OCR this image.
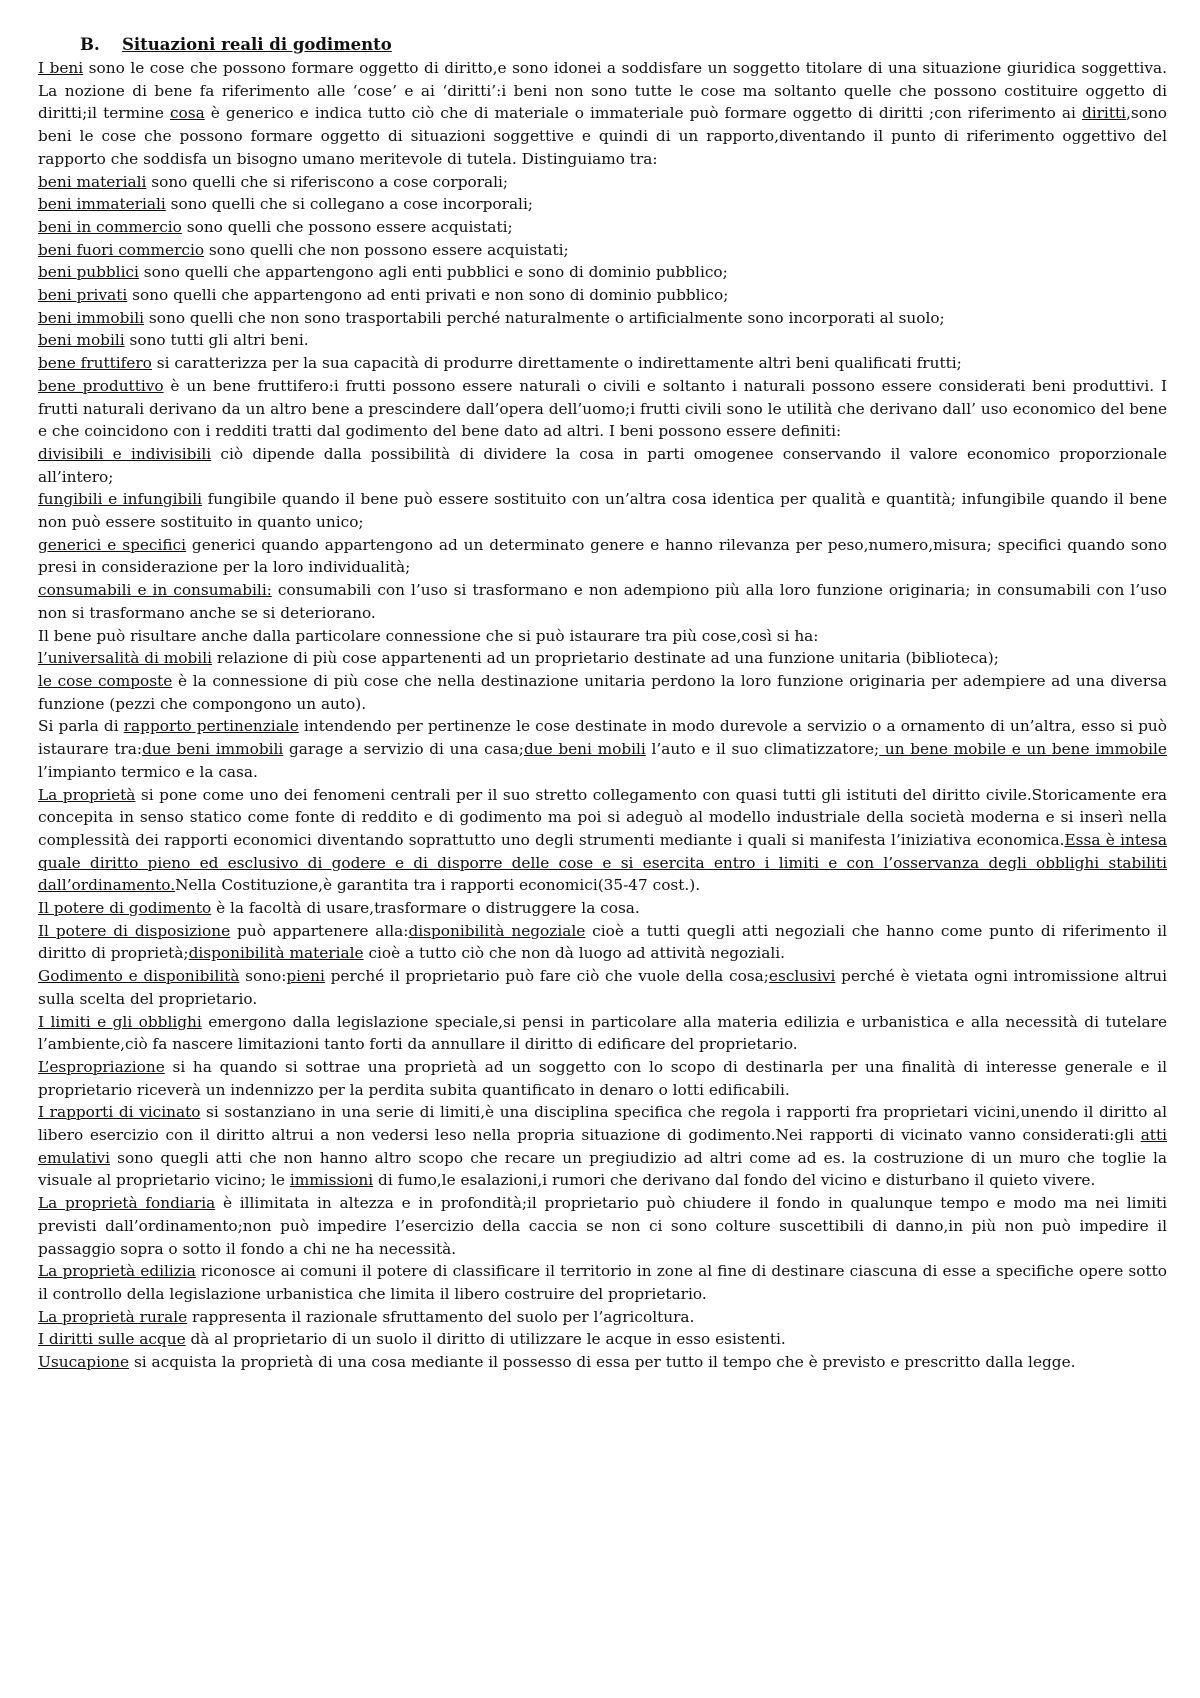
B. Situazioni reali di godimento

I beni sono le cose che possono formare oggetto di diritto,e sono idonei a soddisfare un soggetto titolare di una situazione giuridica soggettiva. La nozione di bene fa riferimento alle ‘cose’ e ai ‘diritti’:i beni non sono tutte le cose ma soltanto quelle che possono costituire oggetto di diritti;il termine cosa è generico e indica tutto ciò che di materiale o immateriale può formare oggetto di diritti ;con riferimento ai diritti,sono beni le cose che possono formare oggetto di situazioni soggettive e quindi di un rapporto,diventando il punto di riferimento oggettivo del rapporto che soddisfa un bisogno umano meritevole di tutela. Distinguiamo tra:

beni materiali sono quelli che si riferiscono a cose corporali;

beni immateriali sono quelli che si collegano a cose incorporali;

beni in commercio sono quelli che possono essere acquistati;

beni fuori commercio sono quelli che non possono essere acquistati;

beni pubblici sono quelli che appartengono agli enti pubblici e sono di dominio pubblico;

beni privati sono quelli che appartengono ad enti privati e non sono di dominio pubblico;

beni immobili sono quelli che non sono trasportabili perché naturalmente o artificialmente sono incorporati al suolo;

beni mobili sono tutti gli altri beni.

bene fruttifero si caratterizza per la sua capacità di produrre direttamente o indirettamente altri beni qualificati frutti;

bene produttivo è un bene fruttifero:i frutti possono essere naturali o civili e soltanto i naturali possono essere considerati beni produttivi. I frutti naturali derivano da un altro bene a prescindere dall’opera dell’uomo;i frutti civili sono le utilità che derivano dall’ uso economico del bene e che coincidono con i redditi tratti dal godimento del bene dato ad altri. I beni possono essere definiti:

divisibili e indivisibili ciò dipende dalla possibilità di dividere la cosa in parti omogenee conservando il valore economico proporzionale all’intero;

fungibili e infungibili fungibile quando il bene può essere sostituito con un’altra cosa identica per qualità e quantità; infungibile quando il bene non può essere sostituito in quanto unico;

generici e specifici generici quando appartengono ad un determinato genere e hanno rilevanza per peso,numero,misura; specifici quando sono presi in considerazione per la loro individualità;

consumabili e in consumabili: consumabili con l’uso si trasformano e non adempiono più alla loro funzione originaria; in consumabili con l’uso non si trasformano anche se si deteriorano.

Il bene può risultare anche dalla particolare connessione che si può istaurare tra più cose,così si ha:

l’universalità di mobili relazione di più cose appartenenti ad un proprietario destinate ad una funzione unitaria (biblioteca);

le cose composte è la connessione di più cose che nella destinazione unitaria perdono la loro funzione originaria per adempiere ad una diversa funzione (pezzi che compongono un auto).

Si parla di rapporto pertinenziale intendendo per pertinenze le cose destinate in modo durevole a servizio o a ornamento di un’altra, esso si può istaurare tra:due beni immobili garage a servizio di una casa;due beni mobili l’auto e il suo climatizzatore; un bene mobile e un bene immobile l’impianto termico e la casa.

La proprietà si pone come uno dei fenomeni centrali per il suo stretto collegamento con quasi tutti gli istituti del diritto civile.Storicamente era concepita in senso statico come fonte di reddito e di godimento ma poi si adeguò al modello industriale della società moderna e si inserì nella complessità dei rapporti economici diventando soprattutto uno degli strumenti mediante i quali si manifesta l’iniziativa economica.Essa è intesa quale diritto pieno ed esclusivo di godere e di disporre delle cose e si esercita entro i limiti e con l’osservanza degli obblighi stabiliti dall’ordinamento.Nella Costituzione,è garantita tra i rapporti economici(35-47 cost.).

Il potere di godimento è la facoltà di usare,trasformare o distruggere la cosa.

Il potere di disposizione può appartenere alla:disponibilità negoziale cioè a tutti quegli atti negoziali che hanno come punto di riferimento il diritto di proprietà;disponibilità materiale cioè a tutto ciò che non dà luogo ad attività negoziali.

Godimento e disponibilità sono:pieni perché il proprietario può fare ciò che vuole della cosa;esclusivi perché è vietata ogni intromissione altrui sulla scelta del proprietario.

I limiti e gli obblighi emergono dalla legislazione speciale,si pensi in particolare alla materia edilizia e urbanistica e alla necessità di tutelare l’ambiente,ciò fa nascere limitazioni tanto forti da annullare il diritto di edificare del proprietario.

L’espropriazione si ha quando si sottrae una proprietà ad un soggetto con lo scopo di destinarla per una finalità di interesse generale e il proprietario riceverà un indennizzo per la perdita subita quantificato in denaro o lotti edificabili.

I rapporti di vicinato si sostanziano in una serie di limiti,è una disciplina specifica che regola i rapporti fra proprietari vicini,unendo il diritto al libero esercizio con il diritto altrui a non vedersi leso nella propria situazione di godimento.Nei rapporti di vicinato vanno considerati:gli atti emulativi sono quegli atti che non hanno altro scopo che recare un pregiudizio ad altri come ad es. la costruzione di un muro che toglie la visuale al proprietario vicino; le immissioni di fumo,le esalazioni,i rumori che derivano dal fondo del vicino e disturbano il quieto vivere.

La proprietà fondiaria è illimitata in altezza e in profondità;il proprietario può chiudere il fondo in qualunque tempo e modo ma nei limiti previsti dall’ordinamento;non può impedire l’esercizio della caccia se non ci sono colture suscettibili di danno,in più non può impedire il passaggio sopra o sotto il fondo a chi ne ha necessità.

La proprietà edilizia riconosce ai comuni il potere di classificare il territorio in zone al fine di destinare ciascuna di esse a specifiche opere sotto il controllo della legislazione urbanistica che limita il libero costruire del proprietario.

La proprietà rurale rappresenta il razionale sfruttamento del suolo per l’agricoltura.

I diritti sulle acque dà al proprietario di un suolo il diritto di utilizzare le acque in esso esistenti.

Usucapione si acquista la proprietà di una cosa mediante il possesso di essa per tutto il tempo che è previsto e prescritto dalla legge.
